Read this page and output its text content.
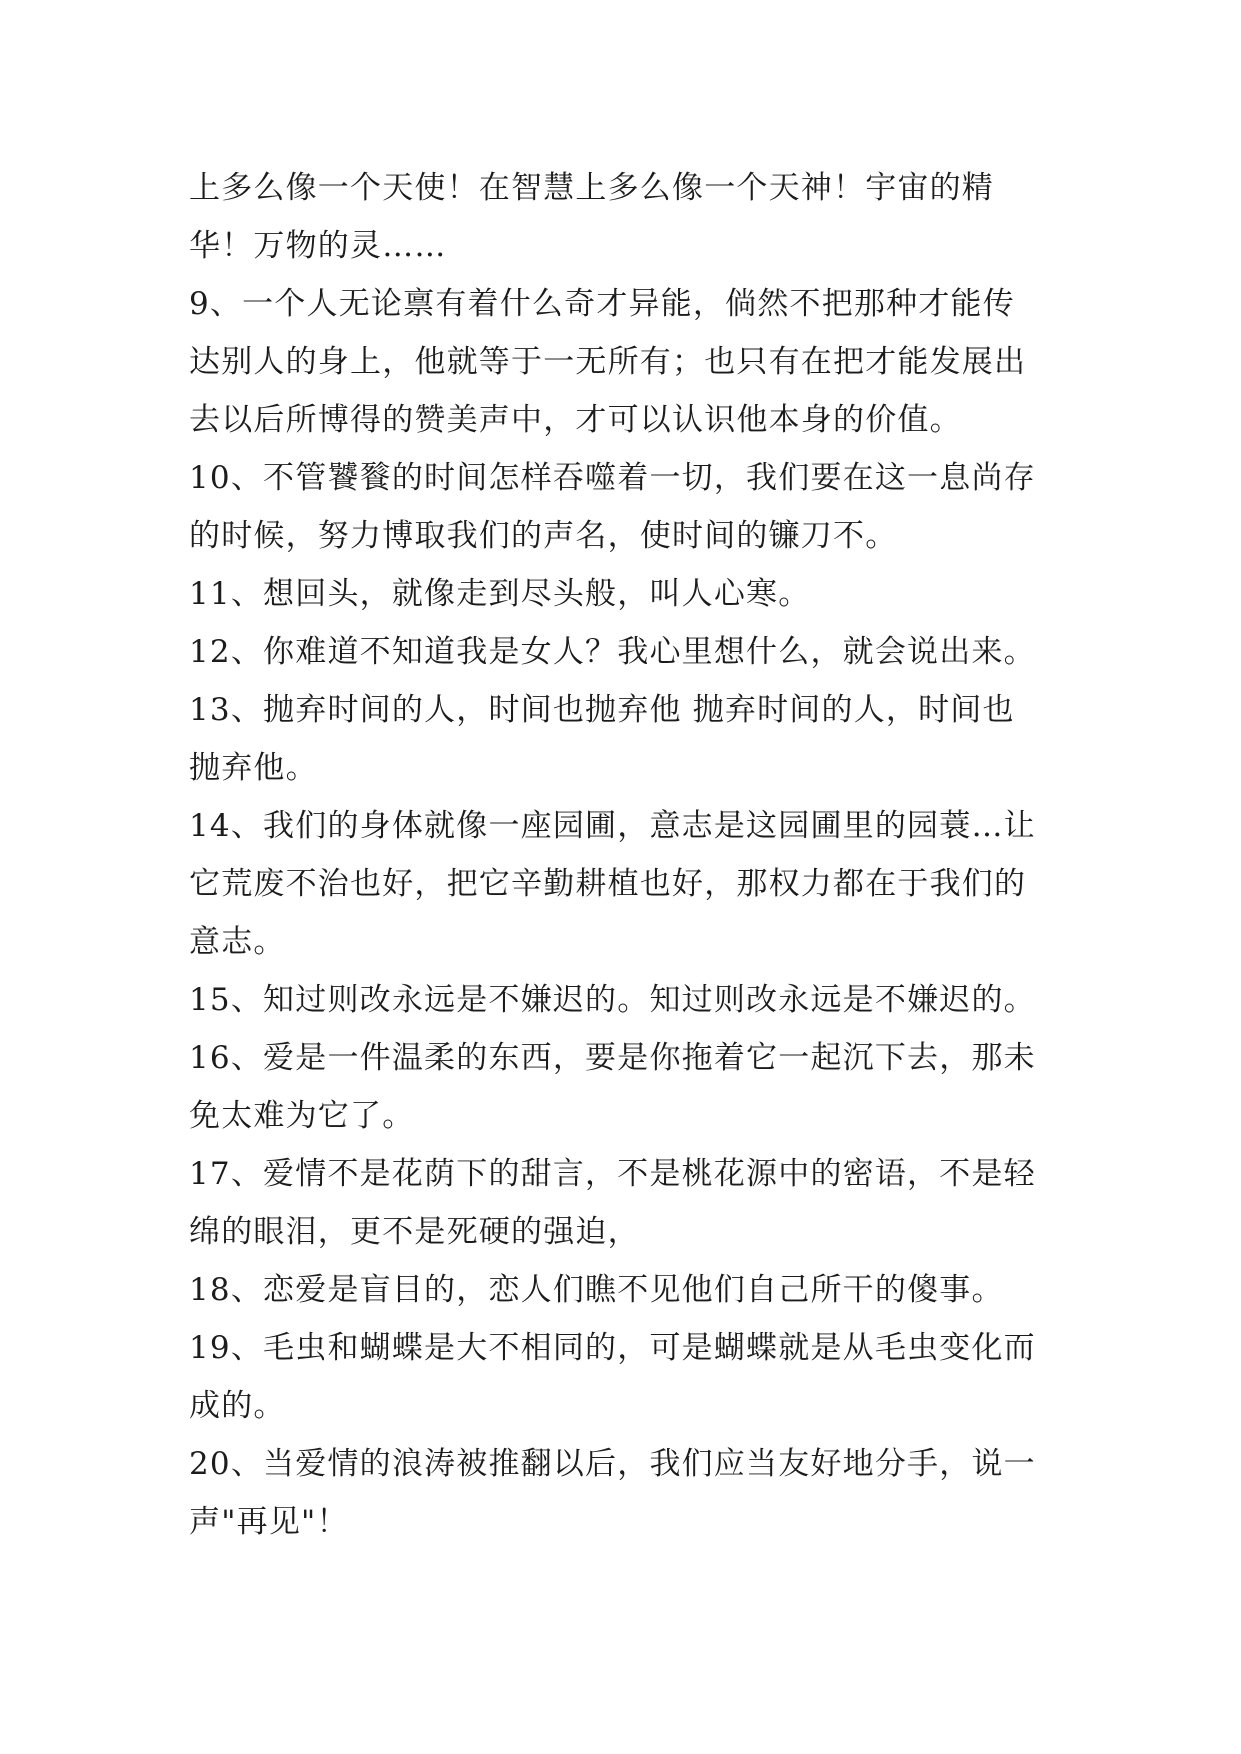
上多么像一个天使！在智慧上多么像一个天神！宇宙的精
华！万物的灵……
9、一个人无论禀有着什么奇才异能，倘然不把那种才能传
达别人的身上，他就等于一无所有；也只有在把才能发展出
去以后所博得的赞美声中，才可以认识他本身的价值。
10、不管饕餮的时间怎样吞噬着一切，我们要在这一息尚存
的时候，努力博取我们的声名，使时间的镰刀不。
11、想回头，就像走到尽头般，叫人心寒。
12、你难道不知道我是女人？我心里想什么，就会说出来。
13、抛弃时间的人，时间也抛弃他 抛弃时间的人，时间也
抛弃他。
14、我们的身体就像一座园圃，意志是这园圃里的园蓑…让
它荒废不治也好，把它辛勤耕植也好，那权力都在于我们的
意志。
15、知过则改永远是不嫌迟的。知过则改永远是不嫌迟的。
16、爱是一件温柔的东西，要是你拖着它一起沉下去，那未
免太难为它了。
17、爱情不是花荫下的甜言，不是桃花源中的密语，不是轻
绵的眼泪，更不是死硬的强迫，
18、恋爱是盲目的，恋人们瞧不见他们自己所干的傻事。
19、毛虫和蝴蝶是大不相同的，可是蝴蝶就是从毛虫变化而
成的。
20、当爱情的浪涛被推翻以后，我们应当友好地分手，说一
声"再见"！
